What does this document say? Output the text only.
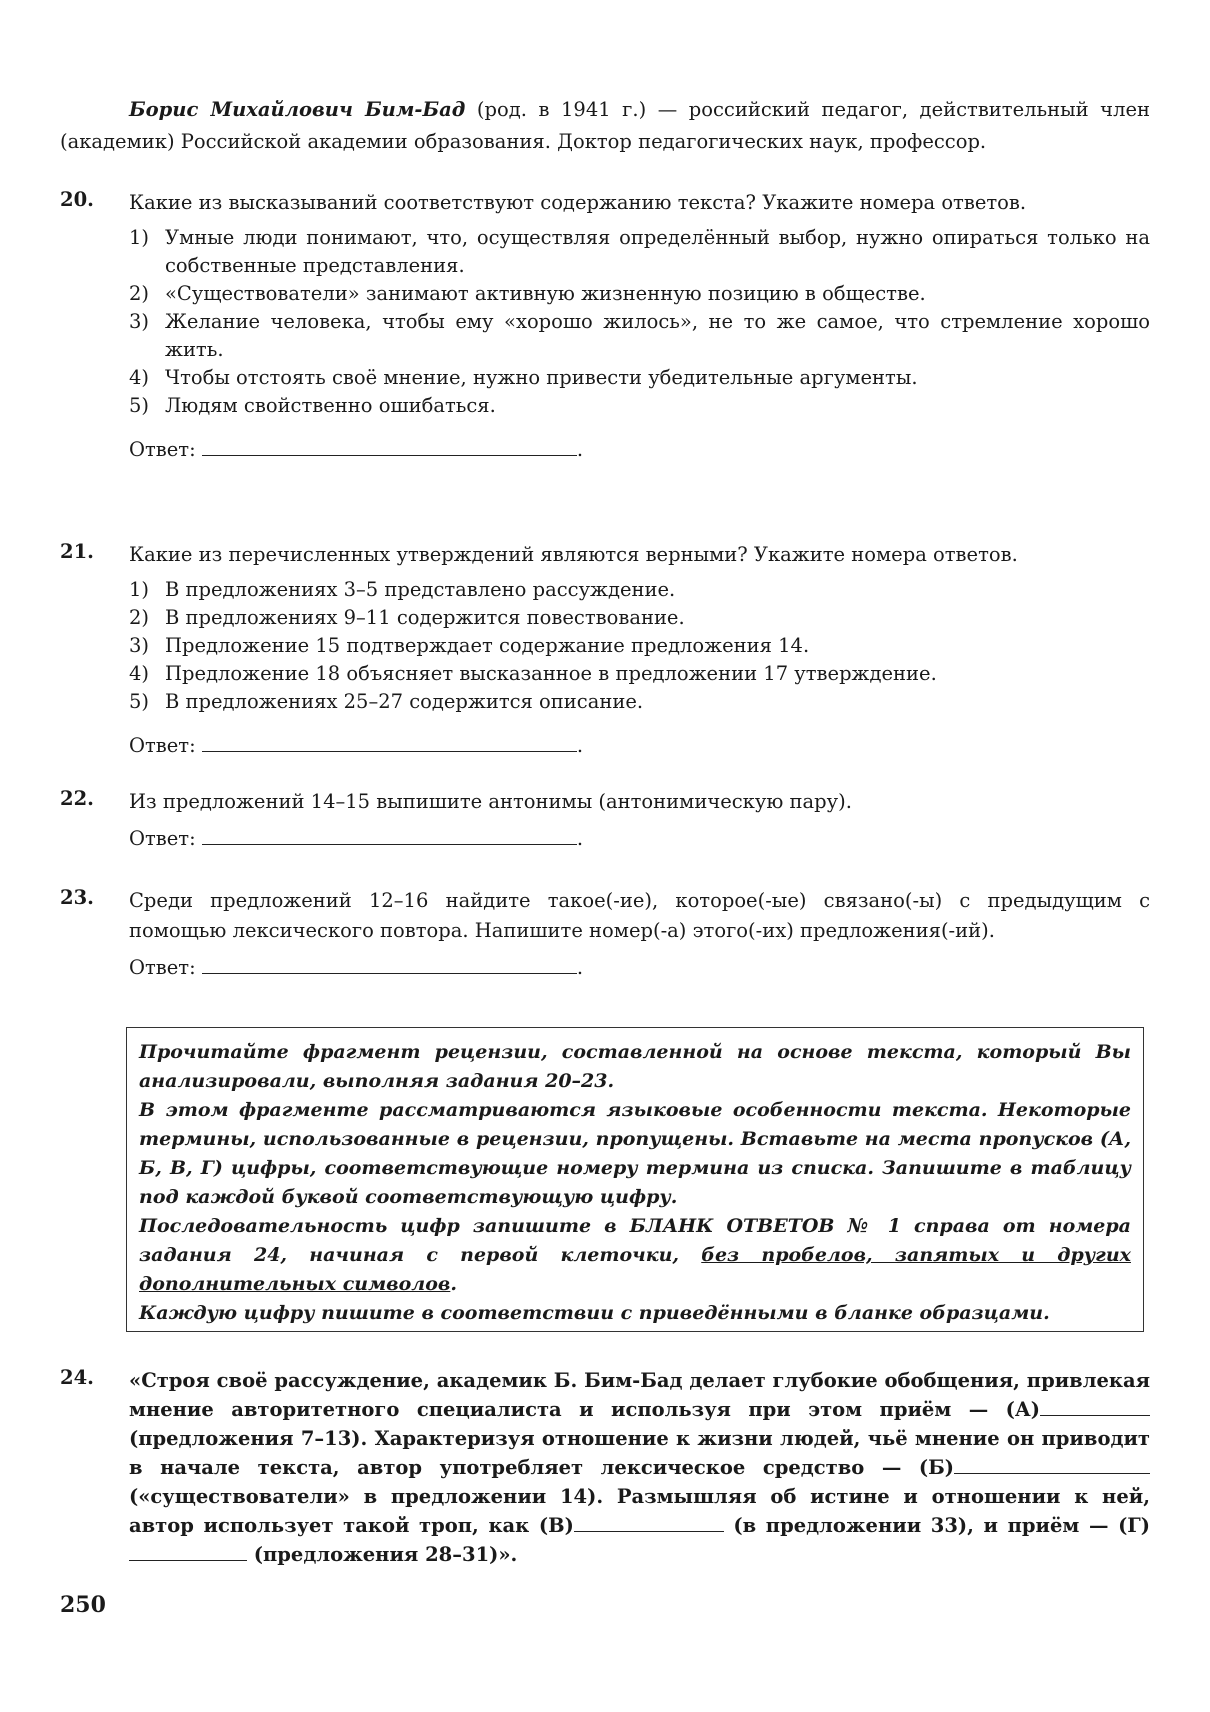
Борис Михайлович Бим-Бад (род. в 1941 г.) — российский педагог, действительный член (академик) Российской академии образования. Доктор педагогических наук, профессор.

20. Какие из высказываний соответствуют содержанию текста? Укажите номера ответов.
1) Умные люди понимают, что, осуществляя определённый выбор, нужно опираться только на собственные представления.
2) «Существователи» занимают активную жизненную позицию в обществе.
3) Желание человека, чтобы ему «хорошо жилось», не то же самое, что стремление хорошо жить.
4) Чтобы отстоять своё мнение, нужно привести убедительные аргументы.
5) Людям свойственно ошибаться.
Ответ:	.
21. Какие из перечисленных утверждений являются верными? Укажите номера ответов.
1) В предложениях 3–5 представлено рассуждение.
2) В предложениях 9–11 содержится повествование.
3) Предложение 15 подтверждает содержание предложения 14.
4) Предложение 18 объясняет высказанное в предложении 17 утверждение.
5) В предложениях 25–27 содержится описание.
Ответ:	.
22. Из предложений 14–15 выпишите антонимы (антонимическую пару).
Ответ:	.
23. Среди предложений 12–16 найдите такое(-ие), которое(-ые) связано(-ы) с предыдущим с помощью лексического повтора. Напишите номер(-а) этого(-их) предложения(-ий).
Ответ:	.

Прочитайте фрагмент рецензии, составленной на основе текста, который Вы анализировали, выполняя задания 20–23.

В этом фрагменте рассматриваются языковые особенности текста. Некоторые термины, использованные в рецензии, пропущены. Вставьте на места пропусков (А, Б, В, Г) цифры, соответствующие номеру термина из списка. Запишите в таблицу под каждой буквой соответствующую цифру.

Последовательность цифр запишите в БЛАНК ОТВЕТОВ № 1 справа от номера задания 24, начиная с первой клеточки, без пробелов, запятых и других дополнительных символов.

Каждую цифру пишите в соответствии с приведёнными в бланке образцами.

24. «Строя своё рассуждение, академик Б. Бим-Бад делает глубокие обобщения, привлекая мнение авторитетного специалиста и используя при этом приём — (А) (предложения 7–13). Характеризуя отношение к жизни людей, чьё мнение он приводит в начале текста, автор употребляет лексическое средство — (Б) («существователи» в предложении 14). Размышляя об истине и отношении к ней, автор использует такой троп, как (В)	(в предложении 33), и приём — (Г)  (предложения 28–31)».
250
